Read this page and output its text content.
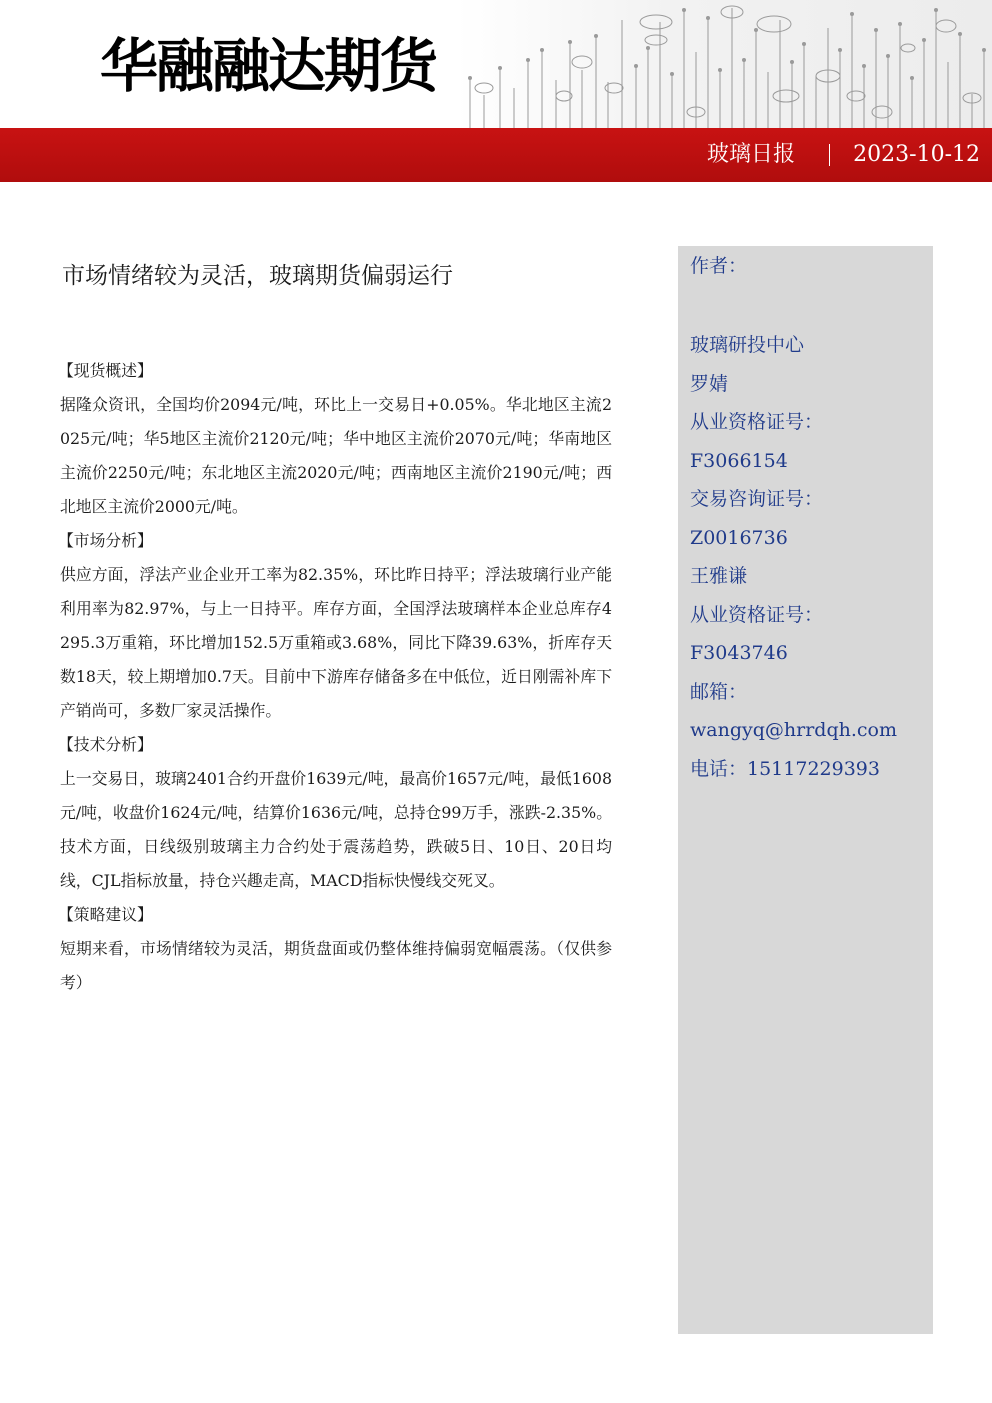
华融融达期货
玻璃日报	2023-10-12
市场情绪较为灵活，玻璃期货偏弱运行
【现货概述】

据隆众资讯，全国均价2094元/吨，环比上一交易日+0.05%。华北地区主流2025元/吨；华5地区主流价2120元/吨；华中地区主流价2070元/吨；华南地区主流价2250元/吨；东北地区主流2020元/吨；西南地区主流价2190元/吨；西北地区主流价2000元/吨。

【市场分析】

供应方面，浮法产业企业开工率为82.35%，环比昨日持平；浮法玻璃行业产能利用率为82.97%，与上一日持平。库存方面，全国浮法玻璃样本企业总库存4295.3万重箱，环比增加152.5万重箱或3.68%，同比下降39.63%，折库存天数18天，较上期增加0.7天。目前中下游库存储备多在中低位，近日刚需补库下产销尚可，多数厂家灵活操作。

【技术分析】

上一交易日，玻璃2401合约开盘价1639元/吨，最高价1657元/吨，最低1608元/吨，收盘价1624元/吨，结算价1636元/吨，总持仓99万手，涨跌-2.35%。技术方面，日线级别玻璃主力合约处于震荡趋势，跌破5日、10日、20日均线，CJL指标放量，持仓兴趣走高，MACD指标快慢线交死叉。

【策略建议】

短期来看，市场情绪较为灵活，期货盘面或仍整体维持偏弱宽幅震荡。（仅供参考）

作者：
玻璃研投中心
罗婧
从业资格证号：
F3066154
交易咨询证号：
Z0016736
王雅谦
从业资格证号：
F3043746
邮箱：
wangyq@hrrdqh.com
电话：15117229393
